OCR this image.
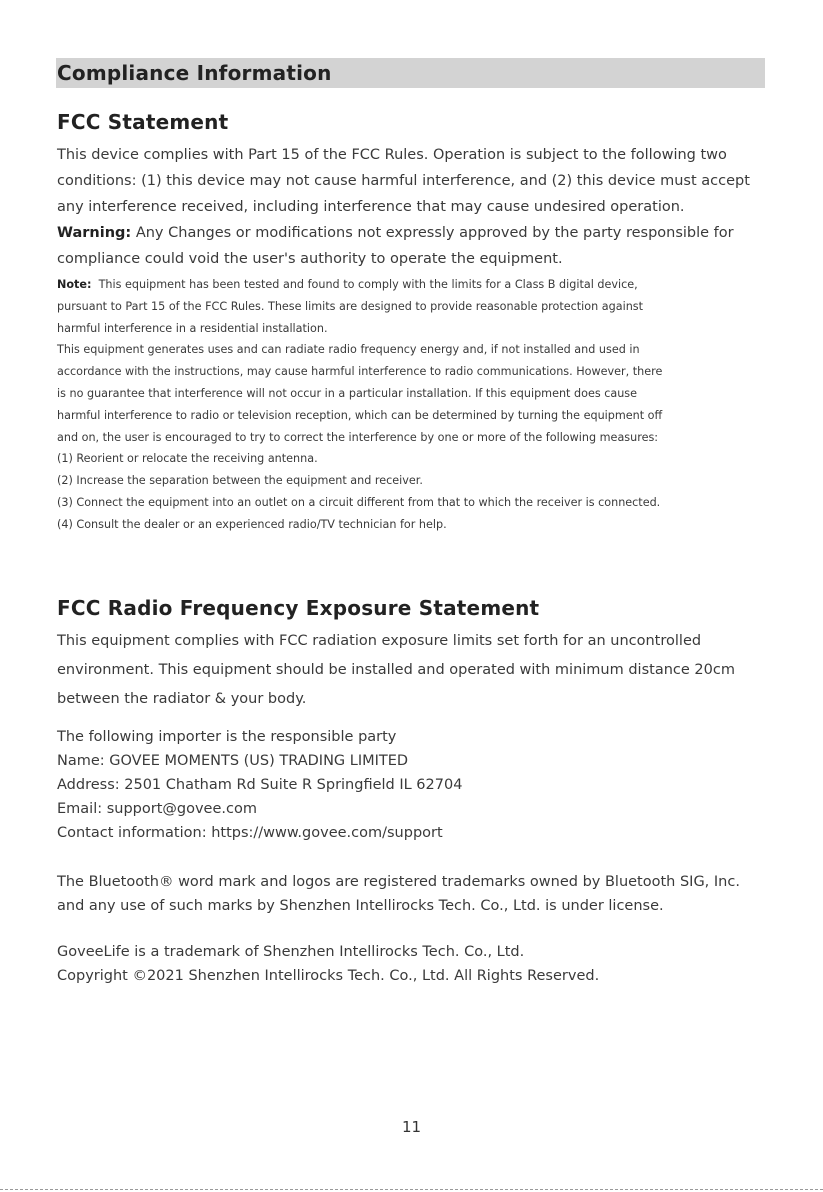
Compliance Information
FCC Statement
This device complies with Part 15 of the FCC Rules. Operation is subject to the following two
conditions: (1) this device may not cause harmful interference, and (2) this device must accept
any interference received, including interference that may cause undesired operation.
Warning: Any Changes or modifications not expressly approved by the party responsible for
compliance could void the user's authority to operate the equipment.
Note:  This equipment has been tested and found to comply with the limits for a Class B digital device,
pursuant to Part 15 of the FCC Rules. These limits are designed to provide reasonable protection against
harmful interference in a residential installation.
This equipment generates uses and can radiate radio frequency energy and, if not installed and used in
accordance with the instructions, may cause harmful interference to radio communications. However, there
is no guarantee that interference will not occur in a particular installation. If this equipment does cause
harmful interference to radio or television reception, which can be determined by turning the equipment off
and on, the user is encouraged to try to correct the interference by one or more of the following measures:
(1) Reorient or relocate the receiving antenna.
(2) Increase the separation between the equipment and receiver.
(3) Connect the equipment into an outlet on a circuit different from that to which the receiver is connected.
(4) Consult the dealer or an experienced radio/TV technician for help.
FCC Radio Frequency Exposure Statement
This equipment complies with FCC radiation exposure limits set forth for an uncontrolled
environment. This equipment should be installed and operated with minimum distance 20cm
between the radiator & your body.
The following importer is the responsible party
Name: GOVEE MOMENTS (US) TRADING LIMITED
Address: 2501 Chatham Rd Suite R Springfield IL 62704
Email: support@govee.com
Contact information: https://www.govee.com/support
The Bluetooth® word mark and logos are registered trademarks owned by Bluetooth SIG, Inc.
and any use of such marks by Shenzhen Intellirocks Tech. Co., Ltd. is under license.
GoveeLife is a trademark of Shenzhen Intellirocks Tech. Co., Ltd.
Copyright ©2021 Shenzhen Intellirocks Tech. Co., Ltd. All Rights Reserved.
11
